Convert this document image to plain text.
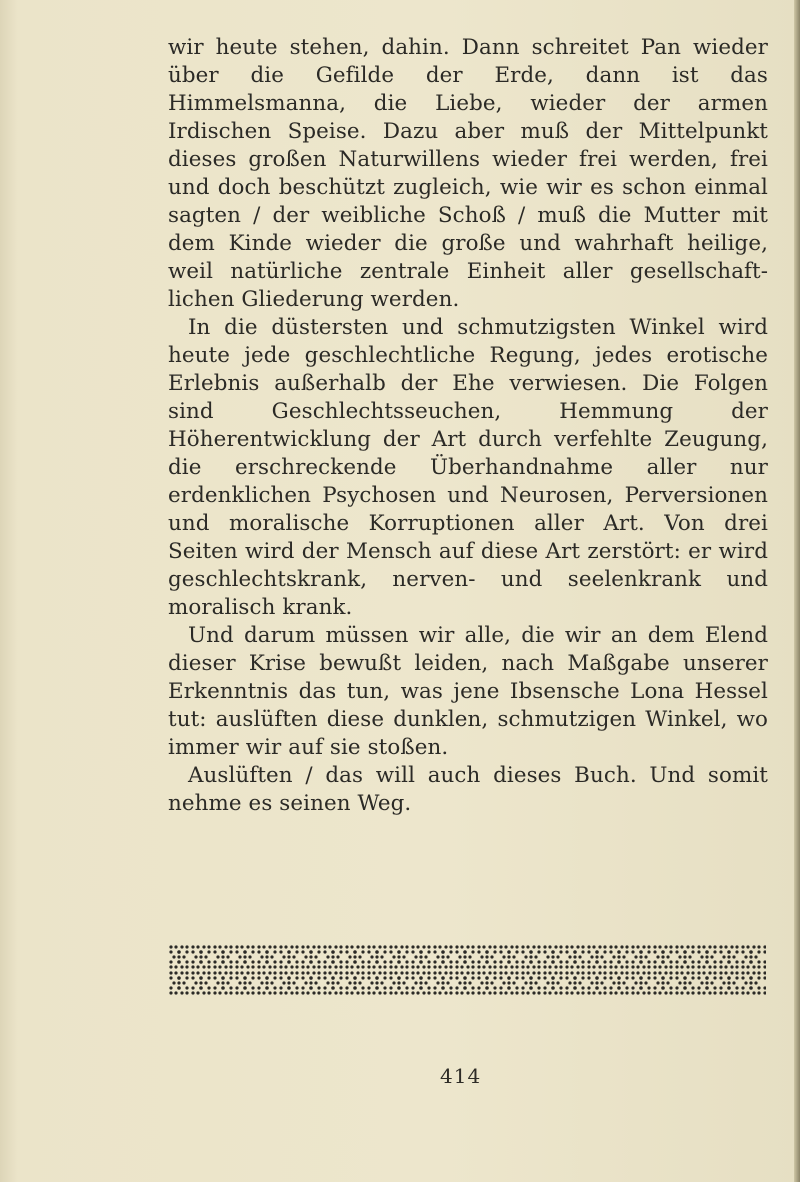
wir heute stehen, dahin. Dann schreitet Pan wieder über die Gefilde der Erde, dann ist das Himmelsmanna, die Liebe, wieder der armen Irdischen Speise. Dazu aber muß der Mittelpunkt dieses großen Naturwillens wieder frei werden, frei und doch beschützt zugleich, wie wir es schon einmal sagten / der weibliche Schoß / muß die Mutter mit dem Kinde wieder die große und wahrhaft heilige, weil natürliche zentrale Einheit aller gesellschaftlichen Gliederung werden.

In die düstersten und schmutzigsten Winkel wird heute jede geschlechtliche Regung, jedes erotische Erlebnis außerhalb der Ehe verwiesen. Die Folgen sind Geschlechtsseuchen, Hemmung der Höherentwicklung der Art durch verfehlte Zeugung, die erschreckende Überhandnahme aller nur erdenklichen Psychosen und Neurosen, Perversionen und moralische Korruptionen aller Art. Von drei Seiten wird der Mensch auf diese Art zerstört: er wird geschlechtskrank, nerven- und seelenkrank und moralisch krank.

Und darum müssen wir alle, die wir an dem Elend dieser Krise bewußt leiden, nach Maßgabe unserer Erkenntnis das tun, was jene Ibsensche Lona Hessel tut: auslüften diese dunklen, schmutzigen Winkel, wo immer wir auf sie stoßen.

Auslüften / das will auch dieses Buch. Und somit nehme es seinen Weg.

414
